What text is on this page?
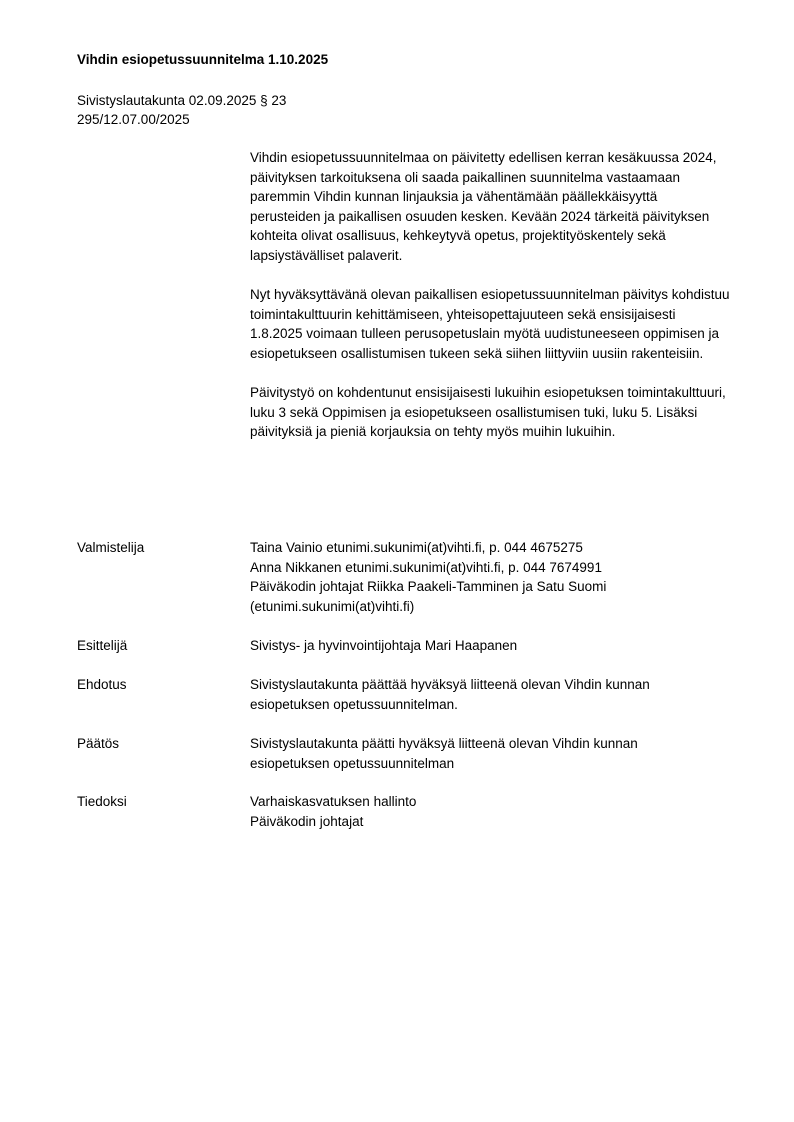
Vihdin esiopetussuunnitelma 1.10.2025
Sivistyslautakunta 02.09.2025 § 23
295/12.07.00/2025

Vihdin esiopetussuunnitelmaa on päivitetty edellisen kerran kesäkuussa 2024, päivityksen tarkoituksena oli saada paikallinen suunnitelma vastaamaan paremmin Vihdin kunnan linjauksia ja vähentämään päällekkäisyyttä perusteiden ja paikallisen osuuden kesken. Kevään 2024 tärkeitä päivityksen kohteita olivat osallisuus, kehkeytyvä opetus, projektityöskentely sekä lapsiystävälliset palaverit.

Nyt hyväksyttävänä olevan paikallisen esiopetussuunnitelman päivitys kohdistuu toimintakulttuurin kehittämiseen, yhteisopettajuuteen sekä ensisijaisesti 1.8.2025 voimaan tulleen perusopetuslain myötä uudistuneeseen oppimisen ja esiopetukseen osallistumisen tukeen sekä siihen liittyviin uusiin rakenteisiin.

Päivitystyö on kohdentunut ensisijaisesti lukuihin esiopetuksen toimintakulttuuri, luku 3 sekä Oppimisen ja esiopetukseen osallistumisen tuki, luku 5. Lisäksi päivityksiä ja pieniä korjauksia on tehty myös muihin lukuihin.

Valmistelija	Taina Vainio etunimi.sukunimi(at)vihti.fi, p. 044 4675275
Anna Nikkanen etunimi.sukunimi(at)vihti.fi, p. 044 7674991
Päiväkodin johtajat Riikka Paakeli-Tamminen ja Satu Suomi
(etunimi.sukunimi(at)vihti.fi)
Esittelijä	Sivistys- ja hyvinvointijohtaja Mari Haapanen
Ehdotus	Sivistyslautakunta päättää hyväksyä liitteenä olevan Vihdin kunnan
esiopetuksen opetussuunnitelman.
Päätös	Sivistyslautakunta päätti hyväksyä liitteenä olevan Vihdin kunnan
esiopetuksen opetussuunnitelman
Tiedoksi	Varhaiskasvatuksen hallinto
Päiväkodin johtajat
